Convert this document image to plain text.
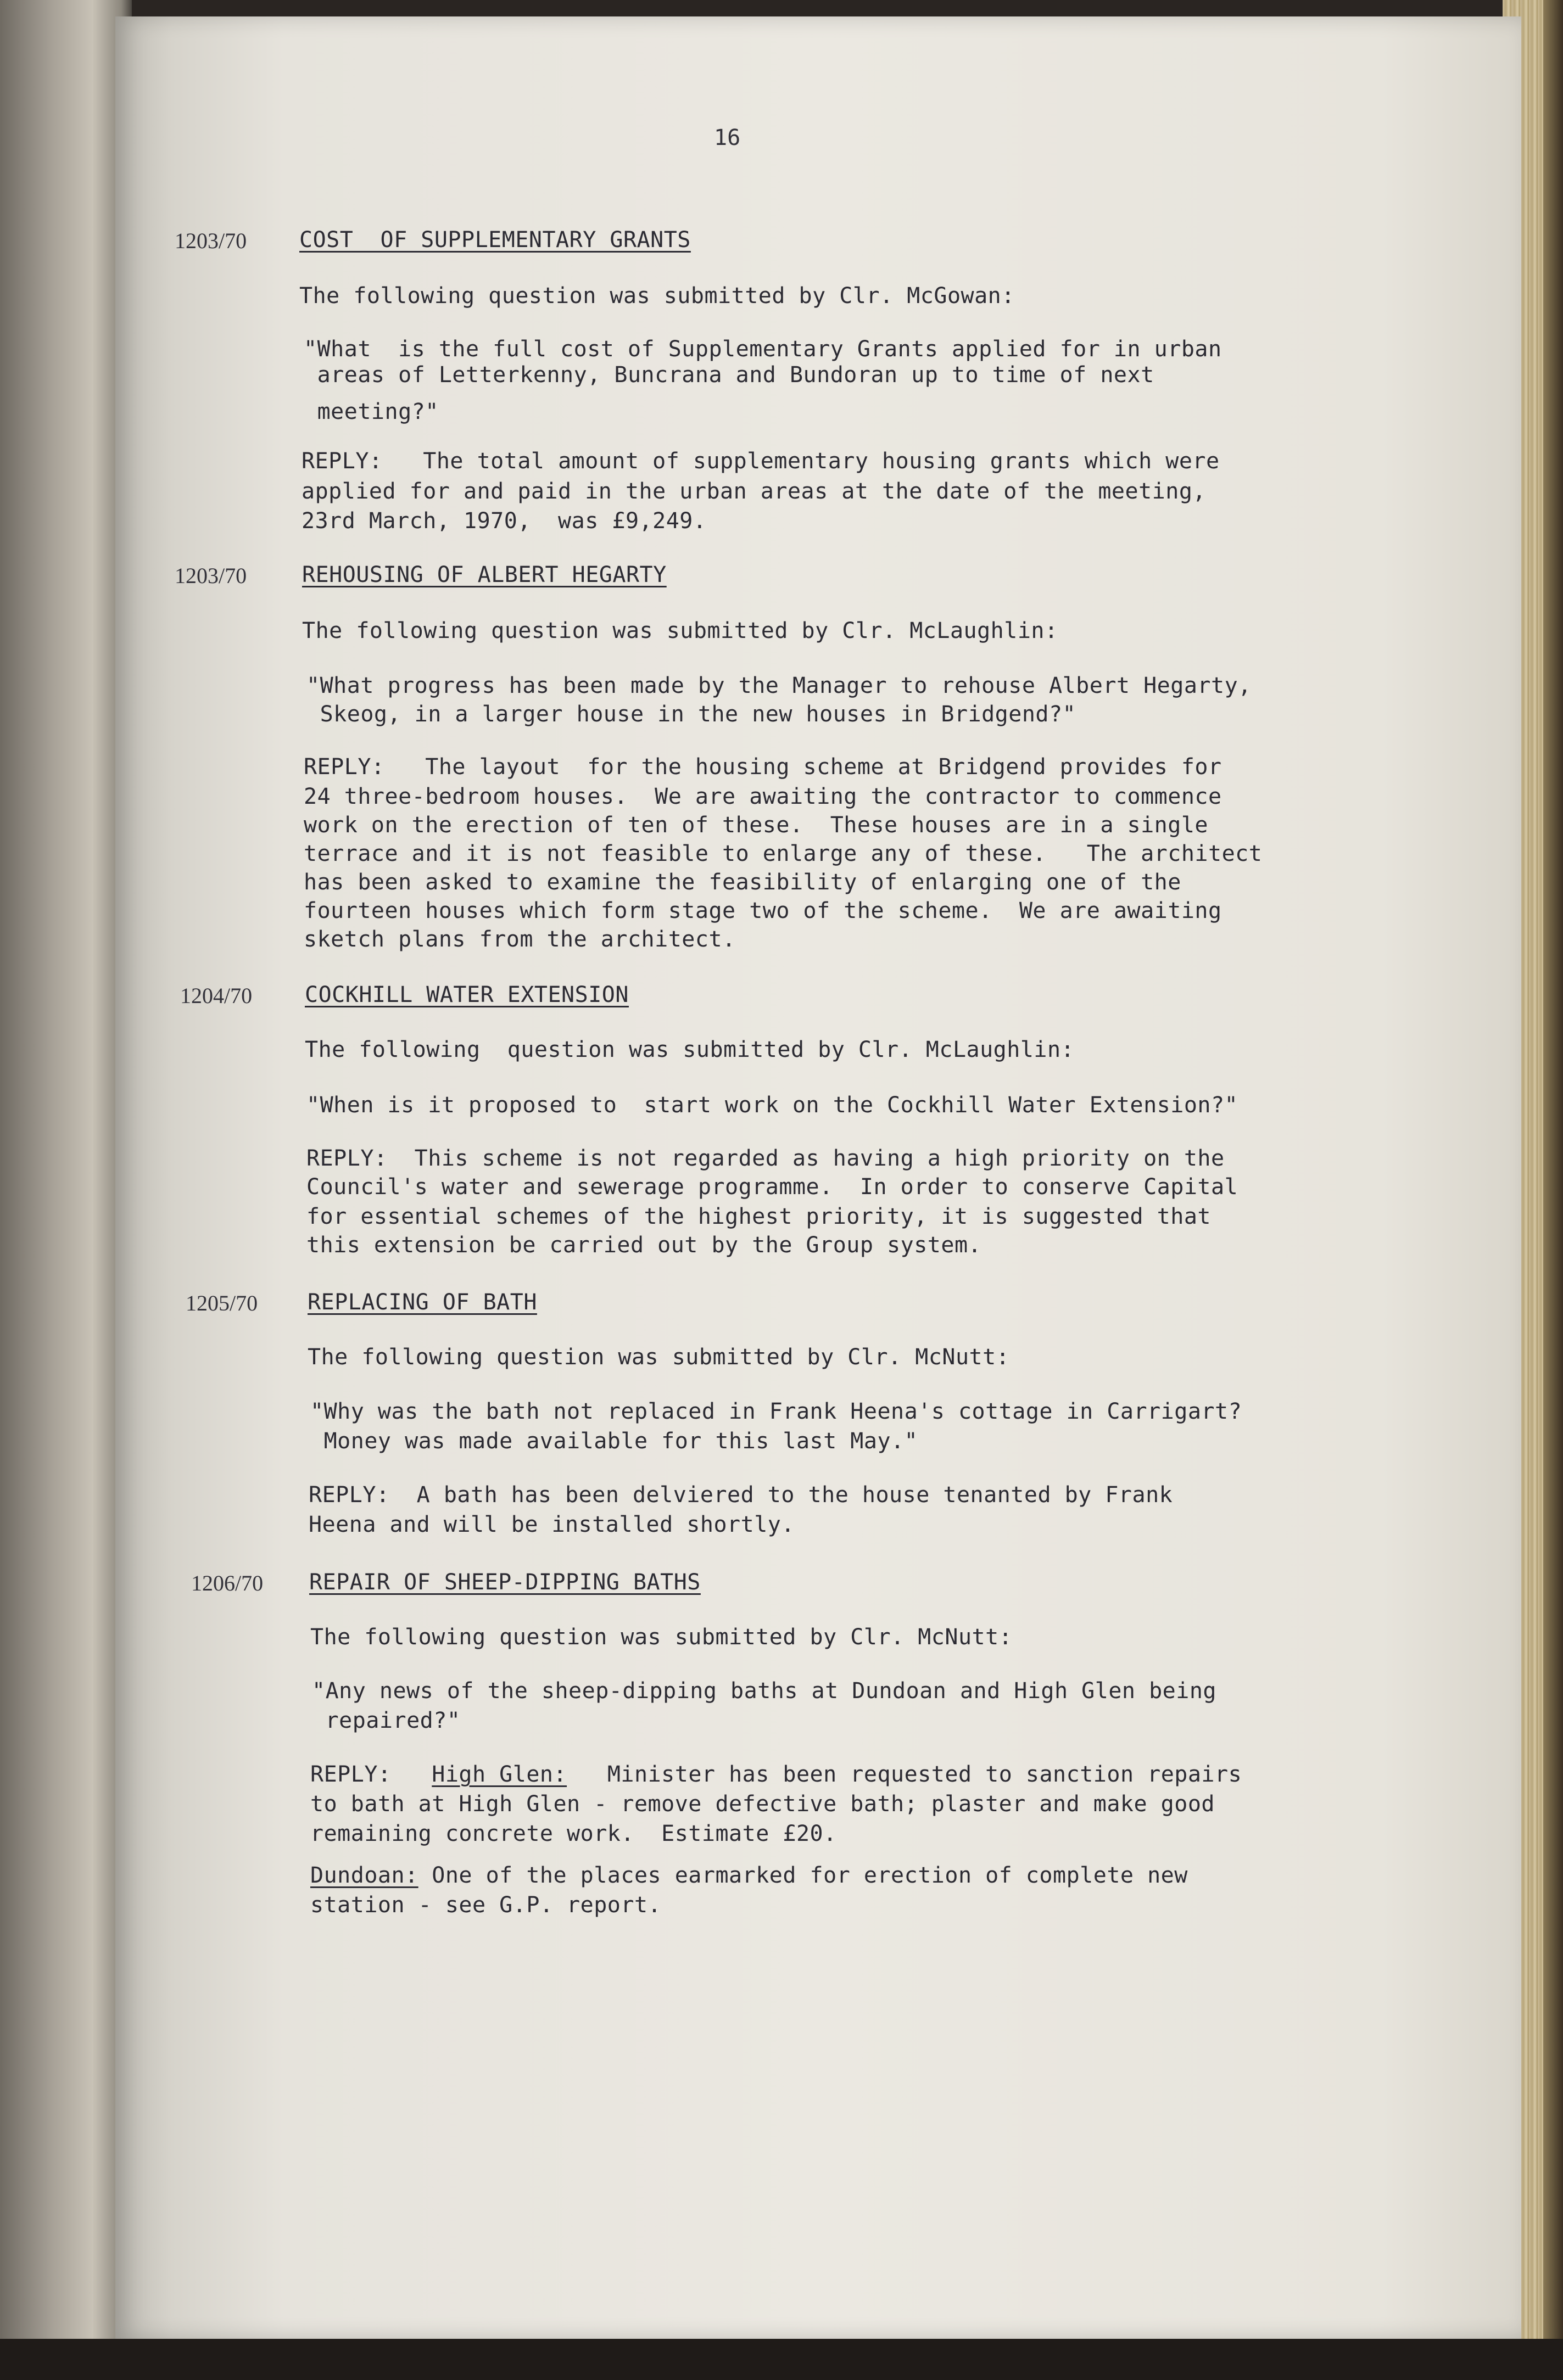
16
1203/70 COST  OF SUPPLEMENTARY GRANTS
The following question was submitted by Clr. McGowan:
"What  is the full cost of Supplementary Grants applied for in urban
areas of Letterkenny, Buncrana and Bundoran up to time of next
meeting?"
REPLY:   The total amount of supplementary housing grants which were
applied for and paid in the urban areas at the date of the meeting,
23rd March, 1970,  was £9,249.
1203/70	REHOUSING OF ALBERT HEGARTY
The following question was submitted by Clr. McLaughlin:
"What progress has been made by the Manager to rehouse Albert Hegarty,
Skeog, in a larger house in the new houses in Bridgend?"
REPLY:   The layout  for the housing scheme at Bridgend provides for
24 three-bedroom houses.  We are awaiting the contractor to commence
work on the erection of ten of these.  These houses are in a single
terrace and it is not feasible to enlarge any of these.   The architect
has been asked to examine the feasibility of enlarging one of the
fourteen houses which form stage two of the scheme.  We are awaiting
sketch plans from the architect.
1204/70 COCKHILL WATER EXTENSION
The following  question was submitted by Clr. McLaughlin:
"When is it proposed to  start work on the Cockhill Water Extension?"
REPLY:  This scheme is not regarded as having a high priority on the
Council's water and sewerage programme.  In order to conserve Capital
for essential schemes of the highest priority, it is suggested that
this extension be carried out by the Group system.
1205/70 REPLACING OF BATH
The following question was submitted by Clr. McNutt:
"Why was the bath not replaced in Frank Heena's cottage in Carrigart?
Money was made available for this last May."
REPLY:  A bath has been delviered to the house tenanted by Frank
Heena and will be installed shortly.
1206/70 REPAIR OF SHEEP-DIPPING BATHS
The following question was submitted by Clr. McNutt:
"Any news of the sheep-dipping baths at Dundoan and High Glen being
repaired?"
REPLY: High Glen:   Minister has been requested to sanction repairs
to bath at High Glen - remove defective bath; plaster and make good
remaining concrete work.  Estimate £20.
Dundoan: One of the places earmarked for erection of complete new
station - see G.P. report.
